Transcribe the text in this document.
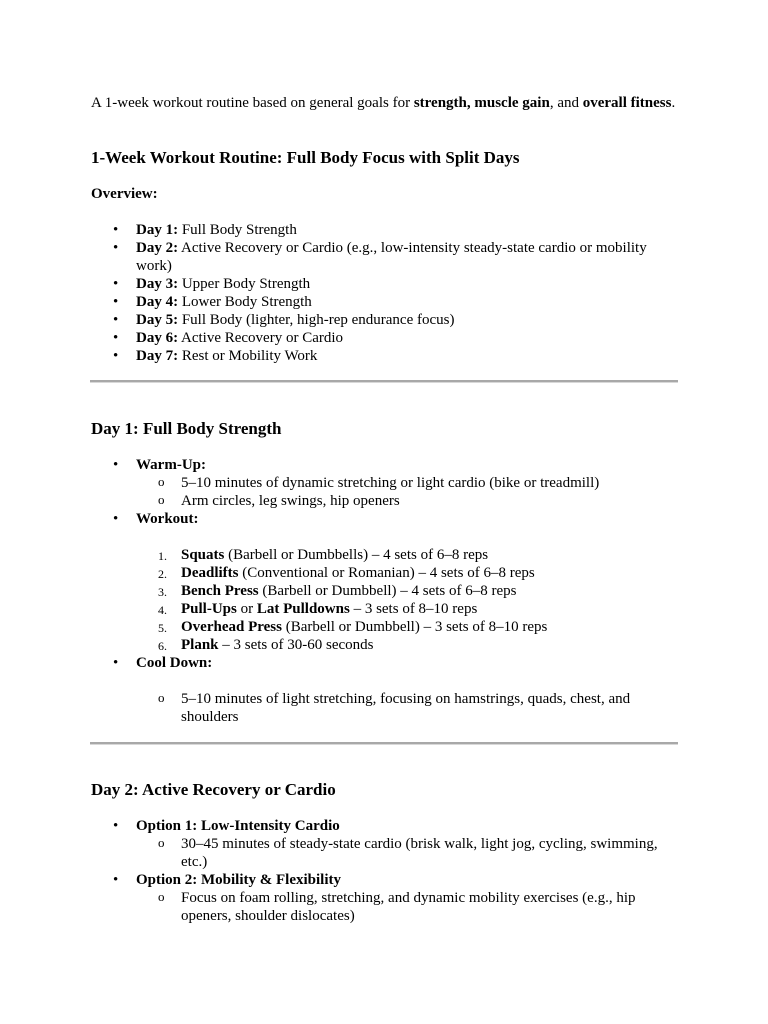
A 1-week workout routine based on general goals for strength, muscle gain, and overall fitness.
1-Week Workout Routine: Full Body Focus with Split Days
Overview:
• Day 1: Full Body Strength
• Day 2: Active Recovery or Cardio (e.g., low-intensity steady-state cardio or mobility work)
• Day 3: Upper Body Strength
• Day 4: Lower Body Strength
• Day 5: Full Body (lighter, high-rep endurance focus)
• Day 6: Active Recovery or Cardio
• Day 7: Rest or Mobility Work
Day 1: Full Body Strength
• Warm-Up:
o 5–10 minutes of dynamic stretching or light cardio (bike or treadmill)
o Arm circles, leg swings, hip openers
• Workout:
1. Squats (Barbell or Dumbbells) – 4 sets of 6–8 reps
2. Deadlifts (Conventional or Romanian) – 4 sets of 6–8 reps
3. Bench Press (Barbell or Dumbbell) – 4 sets of 6–8 reps
4. Pull-Ups or Lat Pulldowns – 3 sets of 8–10 reps
5. Overhead Press (Barbell or Dumbbell) – 3 sets of 8–10 reps
6. Plank – 3 sets of 30-60 seconds
• Cool Down:
o 5–10 minutes of light stretching, focusing on hamstrings, quads, chest, and shoulders
Day 2: Active Recovery or Cardio
• Option 1: Low-Intensity Cardio
o 30–45 minutes of steady-state cardio (brisk walk, light jog, cycling, swimming, etc.)
• Option 2: Mobility & Flexibility
o Focus on foam rolling, stretching, and dynamic mobility exercises (e.g., hip openers, shoulder dislocates)
